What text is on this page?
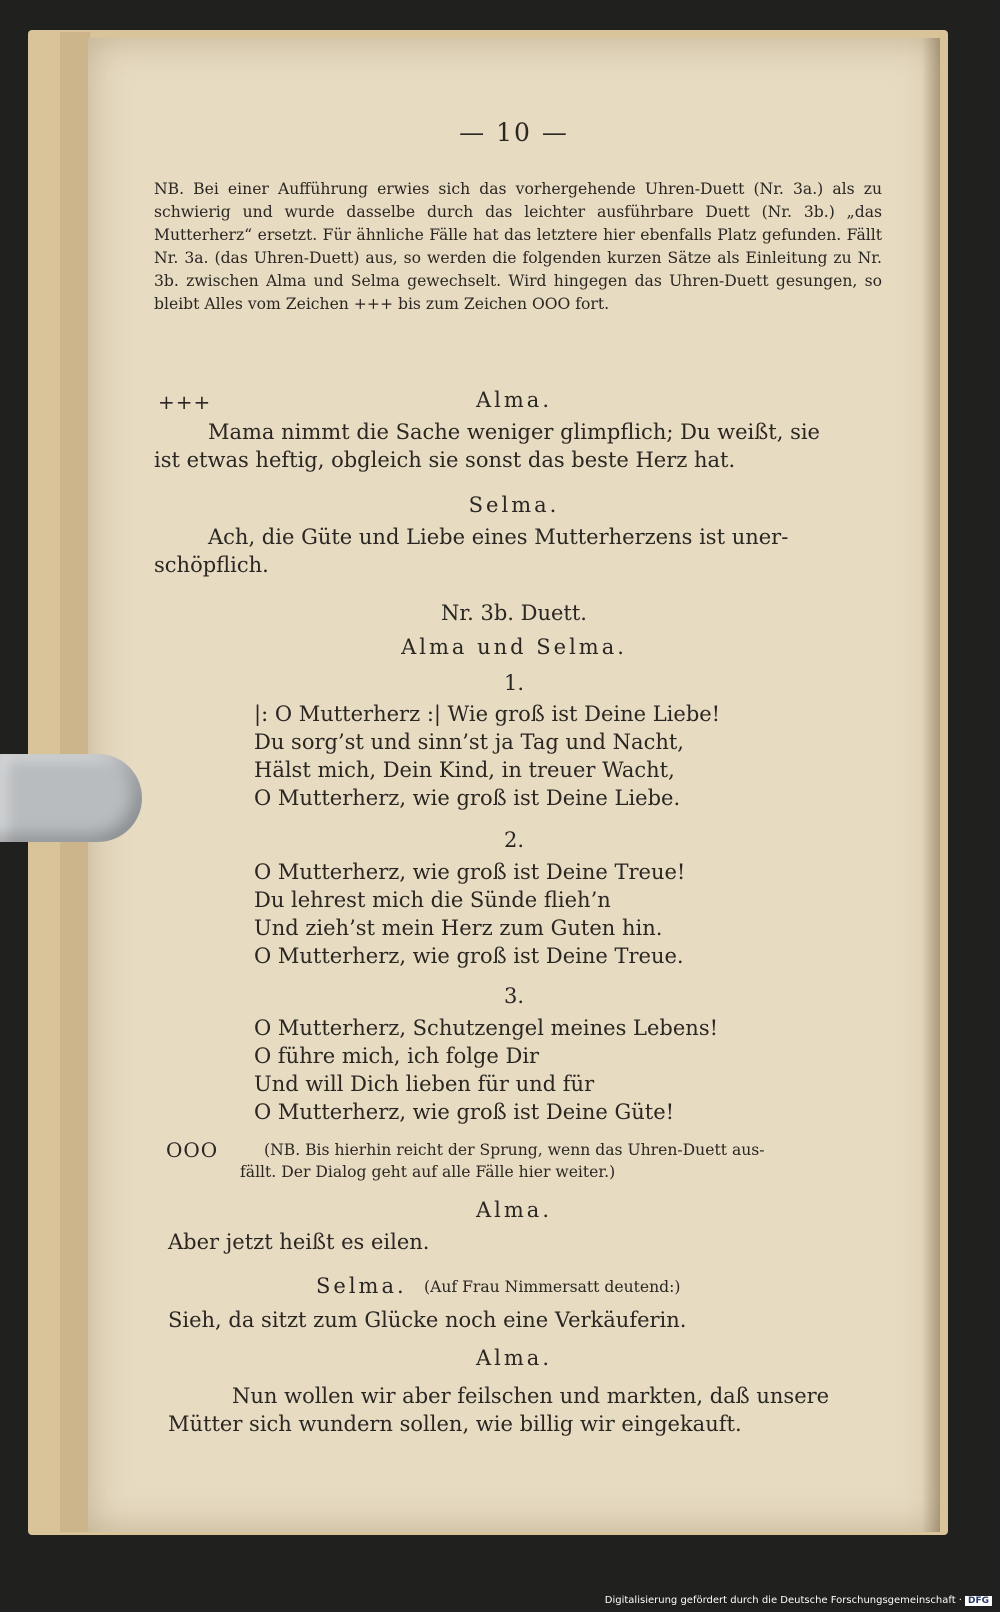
— 10 —
NB. Bei einer Aufführung erwies sich das vorhergehende Uhren-Duett (Nr. 3a.) als zu schwierig und wurde dasselbe durch das leichter ausführbare Duett (Nr. 3b.) „das Mutterherz“ ersetzt. Für ähnliche Fälle hat das letztere hier ebenfalls Platz gefunden. Fällt Nr. 3a. (das Uhren-Duett) aus, so werden die folgenden kurzen Sätze als Einleitung zu Nr. 3b. zwischen Alma und Selma gewechselt. Wird hingegen das Uhren-Duett gesungen, so bleibt Alles vom Zeichen +++ bis zum Zeichen OOO fort.
+++	Alma.
Mama nimmt die Sache weniger glimpflich; Du weißt, sie
ist etwas heftig, obgleich sie sonst das beste Herz hat.
Selma.
Ach, die Güte und Liebe eines Mutterherzens ist uner-
schöpflich.
Nr. 3b. Duett.
Alma und Selma.
1.
|: O Mutterherz :| Wie groß ist Deine Liebe!
Du sorg’st und sinn’st ja Tag und Nacht,
Hälst mich, Dein Kind, in treuer Wacht,
O Mutterherz, wie groß ist Deine Liebe.
2.
O Mutterherz, wie groß ist Deine Treue!
Du lehrest mich die Sünde flieh’n
Und zieh’st mein Herz zum Guten hin.
O Mutterherz, wie groß ist Deine Treue.
3.
O Mutterherz, Schutzengel meines Lebens!
O führe mich, ich folge Dir
Und will Dich lieben für und für
O Mutterherz, wie groß ist Deine Güte!
OOO	(NB. Bis hierhin reicht der Sprung, wenn das Uhren-Duett aus-
fällt. Der Dialog geht auf alle Fälle hier weiter.)
Alma.
Aber jetzt heißt es eilen.
Selma. (Auf Frau Nimmersatt deutend:)
Sieh, da sitzt zum Glücke noch eine Verkäuferin.
Alma.
Nun wollen wir aber feilschen und markten, daß unsere
Mütter sich wundern sollen, wie billig wir eingekauft.
Digitalisierung gefördert durch die Deutsche Forschungsgemeinschaft · DFG
